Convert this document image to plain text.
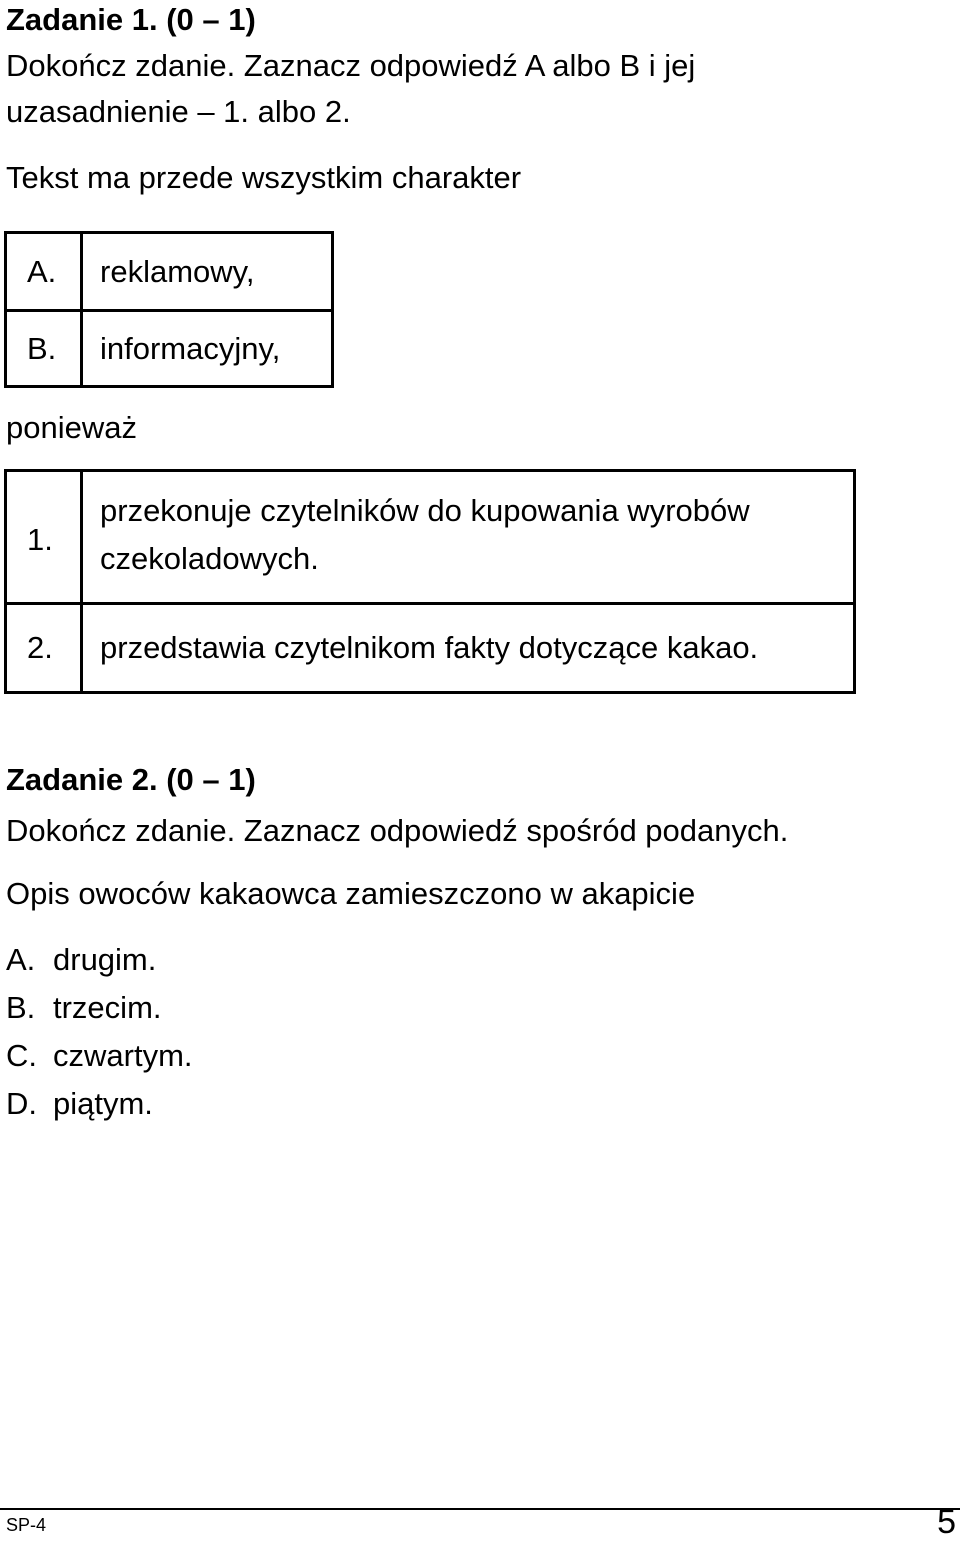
Zadanie 1. (0 – 1)
Dokończ zdanie. Zaznacz odpowiedź A albo B i jej
uzasadnienie – 1. albo 2.
Tekst ma przede wszystkim charakter
A. reklamowy,
B. informacyjny,
ponieważ
1.
przekonuje czytelników do kupowania wyrobów
czekoladowych.
2. przedstawia czytelnikom fakty dotyczące kakao.
Zadanie 2. (0 – 1)
Dokończ zdanie. Zaznacz odpowiedź spośród podanych.
Opis owoców kakaowca zamieszczono w akapicie
A. drugim.
B. trzecim.
C. czwartym.
D. piątym.
SP-4	5
